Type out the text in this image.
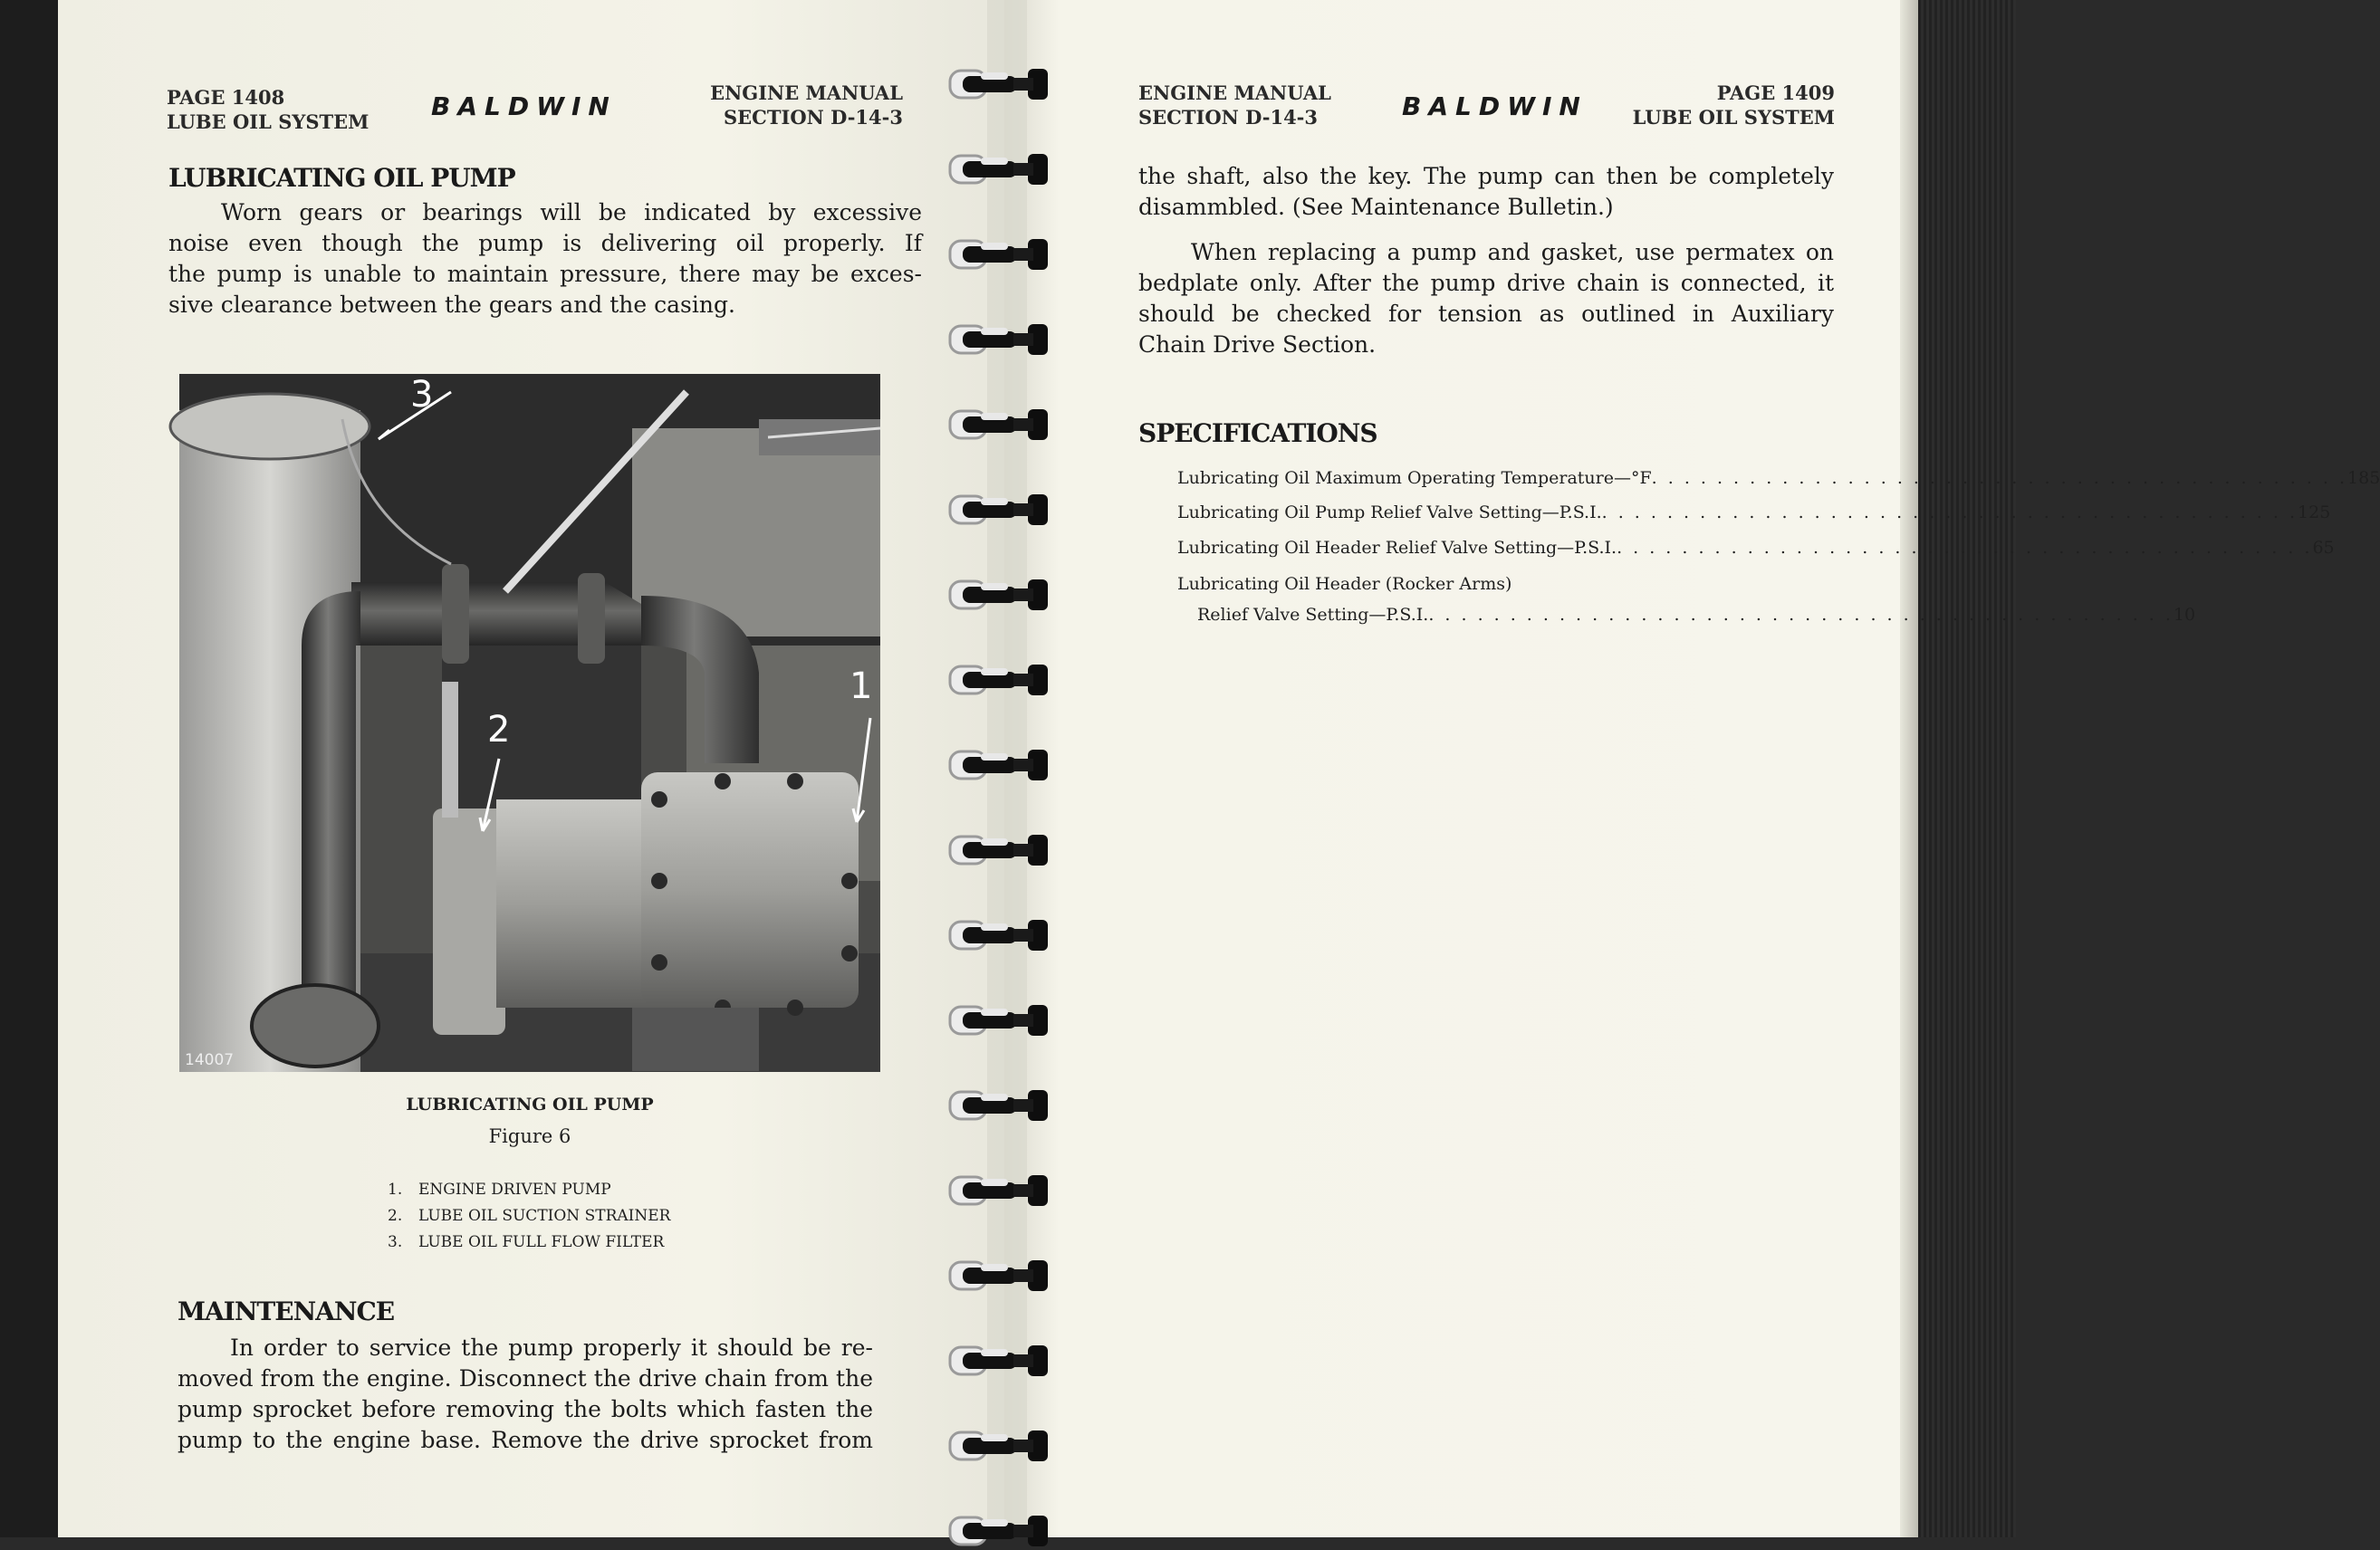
PAGE 1408
LUBE OIL SYSTEM
BALDWIN	ENGINE MANUAL
SECTION D-14-3
LUBRICATING OIL PUMP
Worn gears or bearings will be indicated by excessive
noise even though the pump is delivering oil properly. If
the pump is unable to maintain pressure, there may be exces-
sive clearance between the gears and the casing.
3
2
1
14007
LUBRICATING OIL PUMP
Figure 6
1. ENGINE DRIVEN PUMP
2. LUBE OIL SUCTION STRAINER
3. LUBE OIL FULL FLOW FILTER
MAINTENANCE
In order to service the pump properly it should be re-
moved from the engine. Disconnect the drive chain from the
pump sprocket before removing the bolts which fasten the
pump to the engine base. Remove the drive sprocket from
ENGINE MANUAL
SECTION D-14-3	BALDWIN	PAGE 1409
LUBE OIL SYSTEM
the shaft, also the key. The pump can then be completely
disammbled. (See Maintenance Bulletin.)
When replacing a pump and gasket, use permatex on
bedplate only. After the pump drive chain is connected, it
should be checked for tension as outlined in Auxiliary
Chain Drive Section.
SPECIFICATIONS
Lubricating Oil Maximum Operating Temperature—°F . . . . . . . . . . . . . . . . . . . . . . . . . . . . . . . . . . . . . . . . . . . 185
Lubricating Oil Pump Relief Valve Setting—P.S.I. . . . . . . . . . . . . . . . . . . . . . . . . . . . . . . . . . . . . . . . . . . . 125
Lubricating Oil Header Relief Valve Setting—P.S.I. . . . . . . . . . . . . . . . . . . . . . . . . . . . . . . . . . . . . . . . . . . . 65
Lubricating Oil Header (Rocker Arms)
Relief Valve Setting—P.S.I. . . . . . . . . . . . . . . . . . . . . . . . . . . . . . . . . . . . . . . . . . . . . . . 10
